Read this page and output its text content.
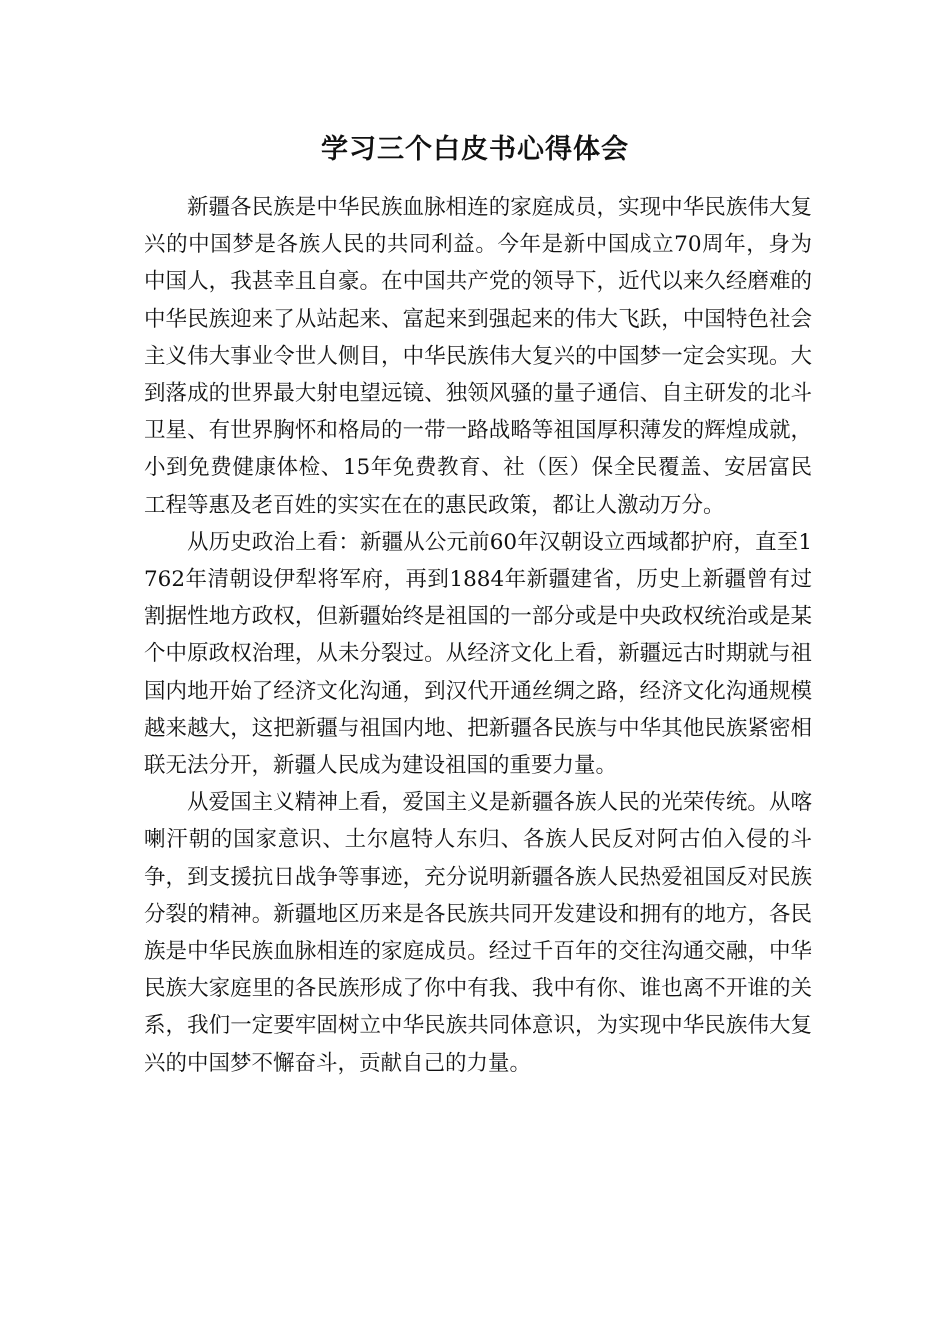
学习三个白皮书心得体会

新疆各民族是中华民族血脉相连的家庭成员，实现中华民族伟大复兴的中国梦是各族人民的共同利益。今年是新中国成立70周年，身为中国人，我甚幸且自豪。在中国共产党的领导下，近代以来久经磨难的中华民族迎来了从站起来、富起来到强起来的伟大飞跃，中国特色社会主义伟大事业令世人侧目，中华民族伟大复兴的中国梦一定会实现。大到落成的世界最大射电望远镜、独领风骚的量子通信、自主研发的北斗卫星、有世界胸怀和格局的一带一路战略等祖国厚积薄发的辉煌成就，小到免费健康体检、15年免费教育、社（医）保全民覆盖、安居富民工程等惠及老百姓的实实在在的惠民政策，都让人激动万分。

从历史政治上看：新疆从公元前60年汉朝设立西域都护府，直至1762年清朝设伊犁将军府，再到1884年新疆建省，历史上新疆曾有过割据性地方政权，但新疆始终是祖国的一部分或是中央政权统治或是某个中原政权治理，从未分裂过。从经济文化上看，新疆远古时期就与祖国内地开始了经济文化沟通，到汉代开通丝绸之路，经济文化沟通规模越来越大，这把新疆与祖国内地、把新疆各民族与中华其他民族紧密相联无法分开，新疆人民成为建设祖国的重要力量。

从爱国主义精神上看，爱国主义是新疆各族人民的光荣传统。从喀喇汗朝的国家意识、土尔扈特人东归、各族人民反对阿古伯入侵的斗争，到支援抗日战争等事迹，充分说明新疆各族人民热爱祖国反对民族分裂的精神。新疆地区历来是各民族共同开发建设和拥有的地方，各民族是中华民族血脉相连的家庭成员。经过千百年的交往沟通交融，中华民族大家庭里的各民族形成了你中有我、我中有你、谁也离不开谁的关系，我们一定要牢固树立中华民族共同体意识，为实现中华民族伟大复兴的中国梦不懈奋斗，贡献自己的力量。
